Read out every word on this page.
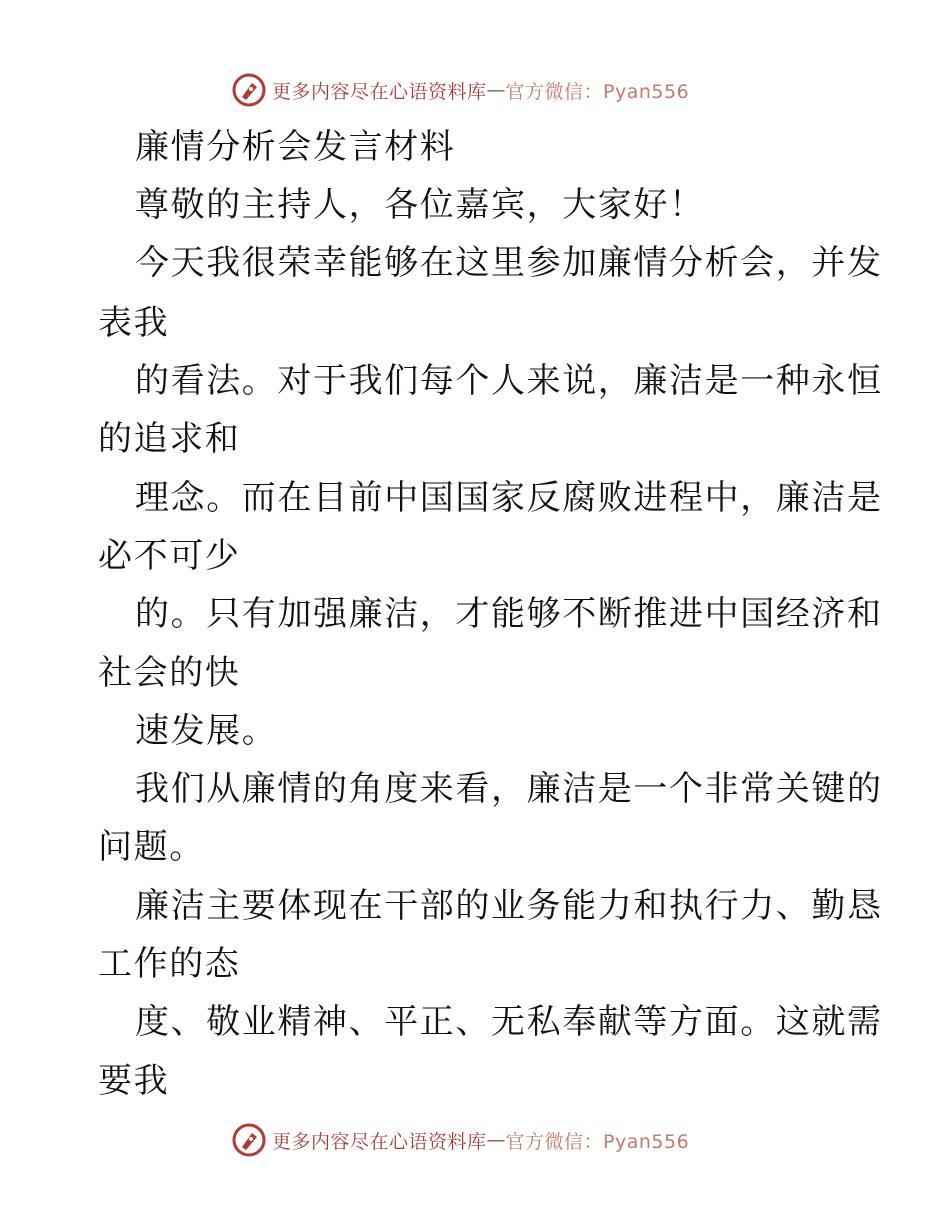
更多内容尽在心语资料库 — 官方微信：Pyan556
廉情分析会发言材料
尊敬的主持人，各位嘉宾，大家好！
今天我很荣幸能够在这里参加廉情分析会，并发
表我
的看法。对于我们每个人来说，廉洁是一种永恒
的追求和
理念。而在目前中国国家反腐败进程中，廉洁是
必不可少
的。只有加强廉洁，才能够不断推进中国经济和
社会的快
速发展。
我们从廉情的角度来看，廉洁是一个非常关键的
问题。
廉洁主要体现在干部的业务能力和执行力、勤恳
工作的态
度、敬业精神、平正、无私奉献等方面。这就需
要我
更多内容尽在心语资料库 — 官方微信：Pyan556
